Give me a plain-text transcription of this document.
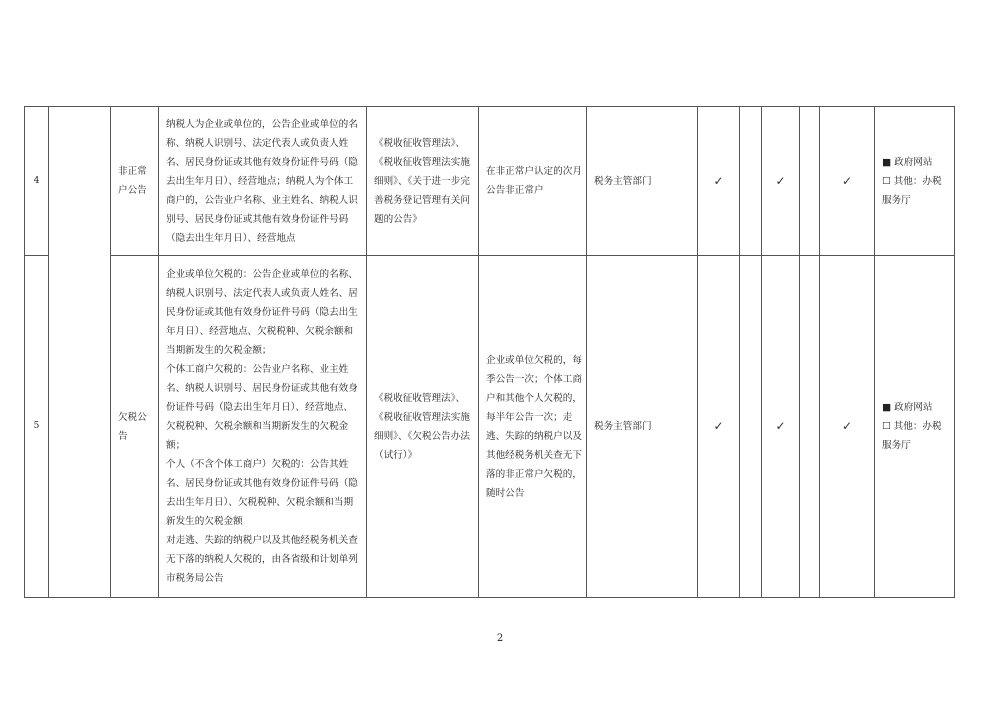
4		非正常户公告	纳税人为企业或单位的，公告企业或单位的名称、纳税人识别号、法定代表人或负责人姓名、居民身份证或其他有效身份证件号码（隐去出生年月日）、经营地点；纳税人为个体工商户的，公告业户名称、业主姓名、纳税人识别号、居民身份证或其他有效身份证件号码（隐去出生年月日）、经营地点	《税收征收管理法》、《税收征收管理法实施细则》、《关于进一步完善税务登记管理有关问题的公告》	在非正常户认定的次月公告非正常户	税务主管部门	✓		✓		✓	■ 政府网站
☐ 其他：办税服务厅

5		欠税公告	企业或单位欠税的：公告企业或单位的名称、纳税人识别号、法定代表人或负责人姓名、居民身份证或其他有效身份证件号码（隐去出生年月日）、经营地点、欠税税种、欠税余额和当期新发生的欠税金额；
个体工商户欠税的：公告业户名称、业主姓名、纳税人识别号、居民身份证或其他有效身份证件号码（隐去出生年月日）、经营地点、欠税税种、欠税余额和当期新发生的欠税金额；
个人（不含个体工商户）欠税的：公告其姓名、居民身份证或其他有效身份证件号码（隐去出生年月日）、欠税税种、欠税余额和当期新发生的欠税金额
对走逃、失踪的纳税户以及其他经税务机关查无下落的纳税人欠税的，由各省级和计划单列市税务局公告	《税收征收管理法》、《税收征收管理法实施细则》、《欠税公告办法（试行）》	企业或单位欠税的，每季公告一次；个体工商户和其他个人欠税的，每半年公告一次；走逃、失踪的纳税户以及其他经税务机关查无下落的非正常户欠税的，随时公告	税务主管部门	✓		✓		✓	■ 政府网站
☐ 其他：办税服务厅
2
